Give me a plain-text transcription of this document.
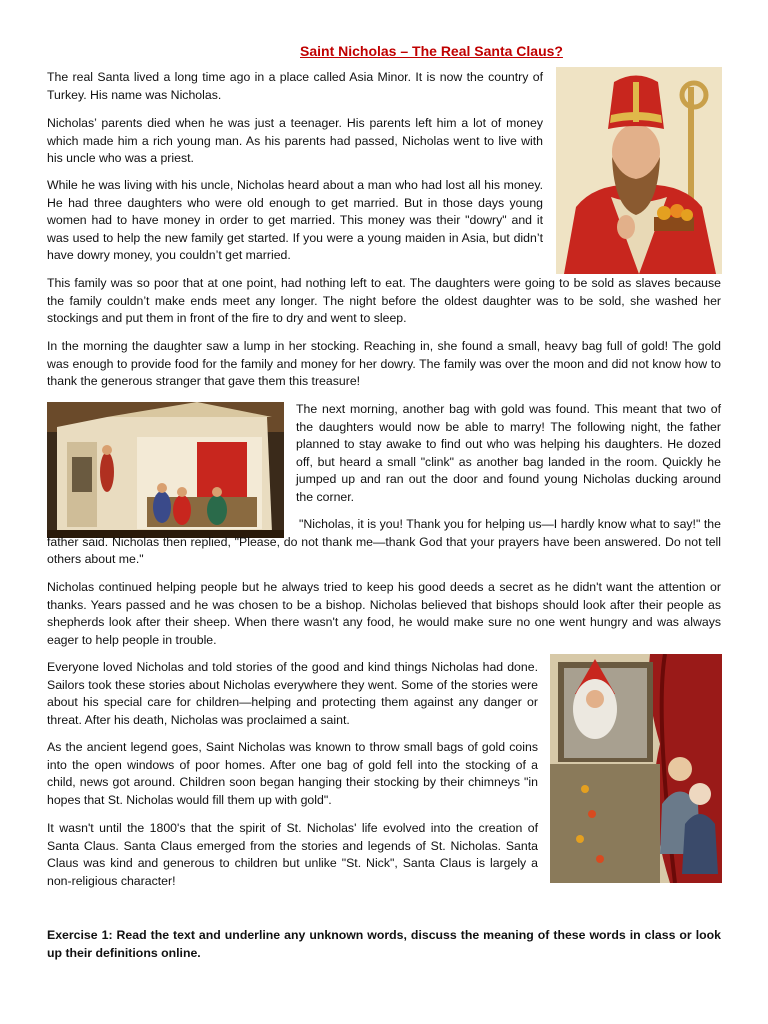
Saint Nicholas – The Real Santa Claus?

The real Santa lived a long time ago in a place called Asia Minor. It is now the country of Turkey. His name was Nicholas.

Nicholas’ parents died when he was just a teenager. His parents left him a lot of money which made him a rich young man. As his parents had passed, Nicholas went to live with his uncle who was a priest.

While he was living with his uncle, Nicholas heard about a man who had lost all his money. He had three daughters who were old enough to get married. But in those days young women had to have money in order to get married. This money was their "dowry" and it was used to help the new family get started. If you were a young maiden in Asia, but didn’t have dowry money, you couldn’t get married.

This family was so poor that at one point, had nothing left to eat. The daughters were going to be sold as slaves because the family couldn’t make ends meet any longer. The night before the oldest daughter was to be sold, she washed her stockings and put them in front of the fire to dry and went to sleep.

In the morning the daughter saw a lump in her stocking. Reaching in, she found a small, heavy bag full of gold! The gold was enough to provide food for the family and money for her dowry. The family was over the moon and did not know how to thank the generous stranger that gave them this treasure!

The next morning, another bag with gold was found. This meant that two of the daughters would now be able to marry! The following night, the father planned to stay awake to find out who was helping his daughters. He dozed off, but heard a small "clink" as another bag landed in the room. Quickly he jumped up and ran out the door and found young Nicholas ducking around the corner.

"Nicholas, it is you! Thank you for helping us—I hardly know what to say!" the father said. Nicholas then replied, "Please, do not thank me—thank God that your prayers have been answered. Do not tell others about me."

Nicholas continued helping people but he always tried to keep his good deeds a secret as he didn't want the attention or thanks. Years passed and he was chosen to be a bishop. Nicholas believed that bishops should look after their people as shepherds look after their sheep. When there wasn't any food, he would make sure no one went hungry and was always eager to help people in trouble.

Everyone loved Nicholas and told stories of the good and kind things Nicholas had done. Sailors took these stories about Nicholas everywhere they went. Some of the stories were about his special care for children—helping and protecting them against any danger or threat. After his death, Nicholas was proclaimed a saint.

As the ancient legend goes, Saint Nicholas was known to throw small bags of gold coins into the open windows of poor homes. After one bag of gold fell into the stocking of a child, news got around. Children soon began hanging their stocking by their chimneys "in hopes that St. Nicholas would fill them up with gold".

It wasn't until the 1800's that the spirit of St. Nicholas' life evolved into the creation of Santa Claus. Santa Claus emerged from the stories and legends of St. Nicholas. Santa Claus was kind and generous to children but unlike "St. Nick", Santa Claus is largely a non-religious character!

Exercise 1: Read the text and underline any unknown words, discuss the meaning of these words in class or look up their definitions online.
